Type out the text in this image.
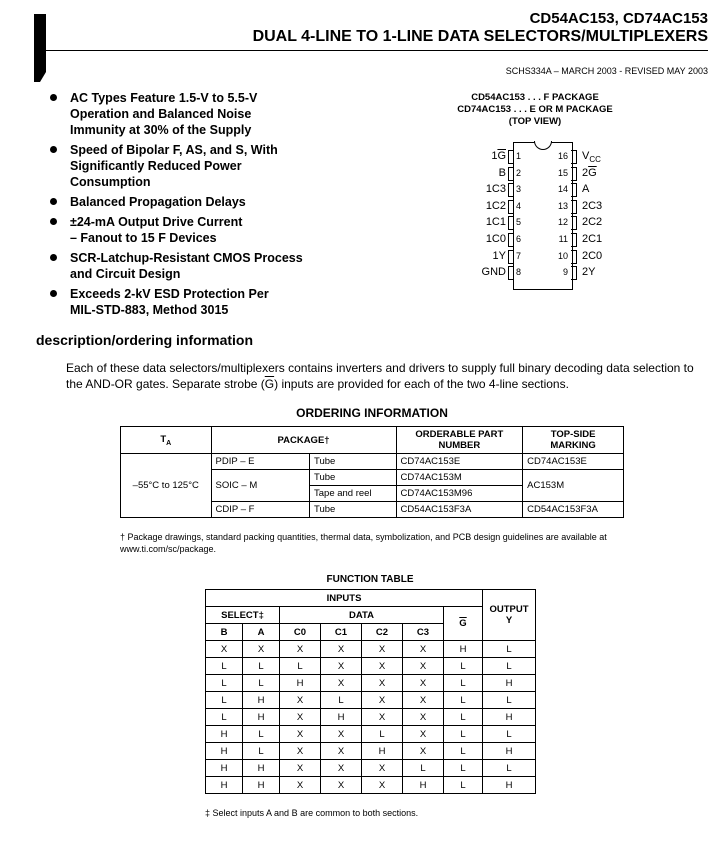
CD54AC153, CD74AC153
DUAL 4-LINE TO 1-LINE DATA SELECTORS/MULTIPLEXERS
SCHS334A – MARCH 2003 - REVISED MAY 2003
AC Types Feature 1.5-V to 5.5-V
Operation and Balanced Noise
Immunity at 30% of the Supply
Speed of Bipolar F, AS, and S, With
Significantly Reduced Power
Consumption
Balanced Propagation Delays
±24-mA Output Drive Current
– Fanout to 15 F Devices
SCR-Latchup-Resistant CMOS Process
and Circuit Design
Exceeds 2-kV ESD Protection Per
MIL-STD-883, Method 3015
CD54AC153 . . . F PACKAGE
CD74AC153 . . . E OR M PACKAGE
(TOP VIEW)
1
$1\overline{G}$
2
B
3
1C3
4
1C2
5
1C1
6
1C0
7
1Y
8
GND
16 $V_{CC}$
15 $2\overline{G}$
14 A
13 2C3
12 2C2
11 2C1
10 2C0
9 2Y
description/ordering information
Each of these data selectors/multiplexers contains inverters and drivers to supply full binary decoding data selection to the AND-OR gates. Separate strobe $(\overline{G})$ inputs are provided for each of the two 4-line sections.
ORDERING INFORMATION
$T_A$	PACKAGE†		ORDERABLE PART NUMBER	TOP-SIDE MARKING
–55°C to 125°C	PDIP – E	Tube	CD74AC153E	CD74AC153E
	SOIC – M	Tube	CD74AC153M	AC153M
		Tape and reel	CD74AC153M96	
	CDIP – F	Tube	CD54AC153F3A	CD54AC153F3A
† Package drawings, standard packing quantities, thermal data, symbolization, and PCB design guidelines are available at www.ti.com/sc/package.
FUNCTION TABLE
INPUTS							OUTPUT
Y
SELECT‡		DATA				$\overline{G}$
B	A	C0	C1	C2	C3		
X	X	X	X	X	X	H	L
L	L	L	X	X	X	L	L
L	L	H	X	X	X	L	H
L	H	X	L	X	X	L	L
L	H	X	H	X	X	L	H
H	L	X	X	L	X	L	L
H	L	X	X	H	X	L	H
H	H	X	X	X	L	L	L
H	H	X	X	X	H	L	H
‡ Select inputs A and B are common to both sections.
